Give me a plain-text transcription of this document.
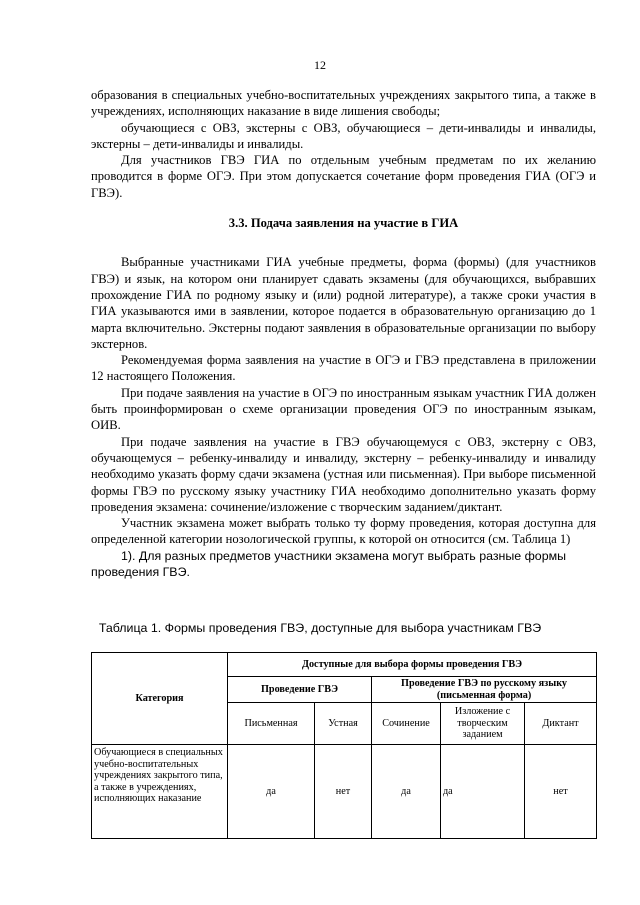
12

образования в специальных учебно-воспитательных учреждениях закрытого типа, а также в учреждениях, исполняющих наказание в виде лишения свободы;

обучающиеся с ОВЗ, экстерны с ОВЗ, обучающиеся – дети-инвалиды и инвалиды, экстерны – дети-инвалиды и инвалиды.

Для участников ГВЭ ГИА по отдельным учебным предметам по их желанию проводится в форме ОГЭ. При этом допускается сочетание форм проведения ГИА (ОГЭ и ГВЭ).

3.3. Подача заявления на участие в ГИА

Выбранные участниками ГИА учебные предметы, форма (формы) (для участников ГВЭ) и язык, на котором они планирует сдавать экзамены (для обучающихся, выбравших прохождение ГИА по родному языку и (или) родной литературе), а также сроки участия в ГИА указываются ими в заявлении, которое подается в образовательную организацию до 1 марта включительно. Экстерны подают заявления в образовательные организации по выбору экстернов.

Рекомендуемая форма заявления на участие в ОГЭ и ГВЭ представлена в приложении 12 настоящего Положения.

При подаче заявления на участие в ОГЭ по иностранным языкам участник ГИА должен быть проинформирован о схеме организации проведения ОГЭ по иностранным языкам, ОИВ.

При подаче заявления на участие в ГВЭ обучающемуся с ОВЗ, экстерну с ОВЗ, обучающемуся – ребенку-инвалиду и инвалиду, экстерну – ребенку-инвалиду и инвалиду необходимо указать форму сдачи экзамена (устная или письменная). При выборе письменной формы ГВЭ по русскому языку участнику ГИА необходимо дополнительно указать форму проведения экзамена: сочинение/изложение с творческим заданием/диктант.

Участник экзамена может выбрать только ту форму проведения, которая доступна для определенной категории нозологической группы, к которой он относится (см. Таблица 1)

1). Для разных предметов участники экзамена могут выбрать разные формы проведения ГВЭ.

Таблица 1. Формы проведения ГВЭ, доступные для выбора участникам ГВЭ
Категория	Доступные для выбора формы проведения ГВЭ				
	Проведение ГВЭ		Проведение ГВЭ по русскому языку (письменная форма)		
	Письменная	Устная	Сочинение	Изложение с творческим заданием	Диктант
Обучающиеся в специальных учебно-воспитательных учреждениях закрытого типа, а также в учреждениях, исполняющих наказание	да	нет	да	да	нет
